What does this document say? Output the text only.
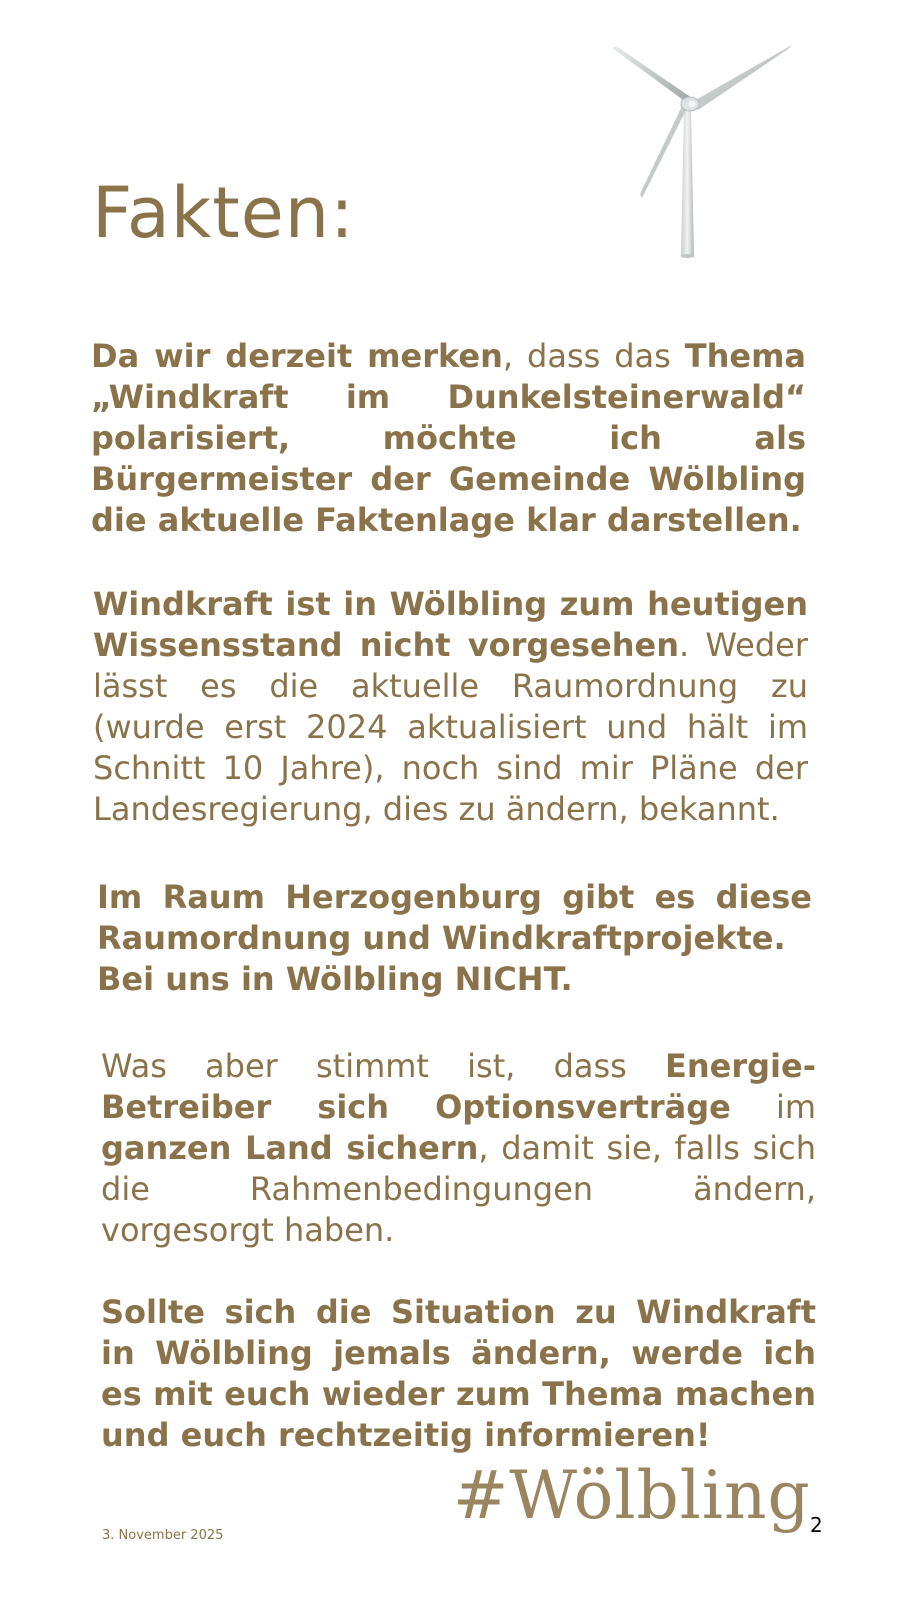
Fakten:

Da wir derzeit merken, dass das Thema „Windkraft im Dunkelsteinerwald“ polarisiert, möchte ich als Bürgermeister der Gemeinde Wölbling die aktuelle Faktenlage klar darstellen.

Windkraft ist in Wölbling zum heutigen Wissensstand nicht vorgesehen. Weder lässt es die aktuelle Raumordnung zu (wurde erst 2024 aktualisiert und hält im Schnitt 10 Jahre), noch sind mir Pläne der Landesregierung, dies zu ändern, bekannt.

Im Raum Herzogenburg gibt es diese Raumordnung und Windkraftprojekte.
Bei uns in Wölbling NICHT.

Was aber stimmt ist, dass Energie-Betreiber sich Optionsverträge im ganzen Land sichern, damit sie, falls sich die Rahmenbedingungen ändern, vorgesorgt haben.

Sollte sich die Situation zu Windkraft in Wölbling jemals ändern, werde ich es mit euch wieder zum Thema machen und euch rechtzeitig informieren!

3. November 2025
#Wölbling 2
